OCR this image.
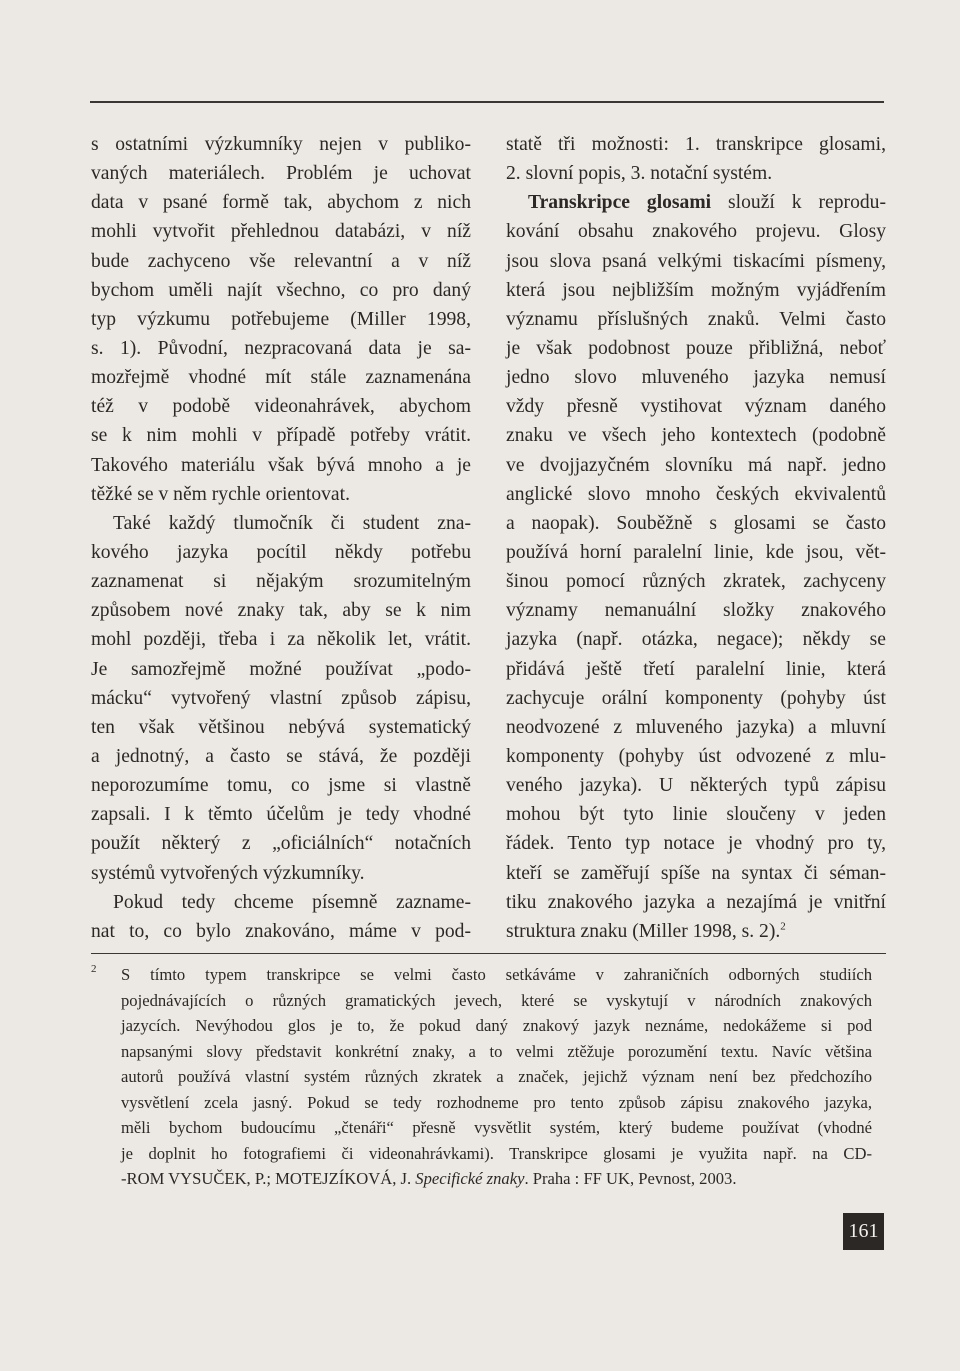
s ostatními výzkumníky nejen v publiko-
vaných materiálech. Problém je uchovat
data v psané formě tak, abychom z nich
mohli vytvořit přehlednou databázi, v níž
bude zachyceno vše relevantní a v níž
bychom uměli najít všechno, co pro daný
typ výzkumu potřebujeme (Miller 1998,
s. 1). Původní, nezpracovaná data je sa-
mozřejmě vhodné mít stále zaznamenána
též v podobě videonahrávek, abychom
se k nim mohli v případě potřeby vrátit.
Takového materiálu však bývá mnoho a je
těžké se v něm rychle orientovat.
Také každý tlumočník či student zna-
kového jazyka pocítil někdy potřebu
zaznamenat si nějakým srozumitelným
způsobem nové znaky tak, aby se k nim
mohl později, třeba i za několik let, vrátit.
Je samozřejmě možné používat „podo-
mácku“ vytvořený vlastní způsob zápisu,
ten však většinou nebývá systematický
a jednotný, a často se stává, že později
neporozumíme tomu, co jsme si vlastně
zapsali. I k těmto účelům je tedy vhodné
použít některý z „oficiálních“ notačních
systémů vytvořených výzkumníky.
Pokud tedy chceme písemně zazname-
nat to, co bylo znakováno, máme v pod-
statě tři možnosti: 1. transkripce glosami,
2. slovní popis, 3. notační systém.
Transkripce glosami slouží k reprodu-
kování obsahu znakového projevu. Glosy
jsou slova psaná velkými tiskacími písmeny,
která jsou nejbližším možným vyjádřením
významu příslušných znaků. Velmi často
je však podobnost pouze přibližná, neboť
jedno slovo mluveného jazyka nemusí
vždy přesně vystihovat význam daného
znaku ve všech jeho kontextech (podobně
ve dvojjazyčném slovníku má např. jedno
anglické slovo mnoho českých ekvivalentů
a naopak). Souběžně s glosami se často
používá horní paralelní linie, kde jsou, vět-
šinou pomocí různých zkratek, zachyceny
významy nemanuální složky znakového
jazyka (např. otázka, negace); někdy se
přidává ještě třetí paralelní linie, která
zachycuje orální komponenty (pohyby úst
neodvozené z mluveného jazyka) a mluvní
komponenty (pohyby úst odvozené z mlu-
veného jazyka). U některých typů zápisu
mohou být tyto linie sloučeny v jeden
řádek. Tento typ notace je vhodný pro ty,
kteří se zaměřují spíše na syntax či séman-
tiku znakového jazyka a nezajímá je vnitřní
struktura znaku (Miller 1998, s. 2).$^2$
2	S tímto typem transkripce se velmi často setkáváme v zahraničních odborných studiích
pojednávajících o různých gramatických jevech, které se vyskytují v národních znakových
jazycích. Nevýhodou glos je to, že pokud daný znakový jazyk neznáme, nedokážeme si pod
napsanými slovy představit konkrétní znaky, a to velmi ztěžuje porozumění textu. Navíc většina
autorů používá vlastní systém různých zkratek a značek, jejichž význam není bez předchozího
vysvětlení zcela jasný. Pokud se tedy rozhodneme pro tento způsob zápisu znakového jazyka,
měli bychom budoucímu „čtenáři“ přesně vysvětlit systém, který budeme používat (vhodné
je doplnit ho fotografiemi či videonahrávkami). Transkripce glosami je využita např. na CD-
-ROM VYSUČEK, P.; MOTEJZÍKOVÁ, J. Specifické znaky. Praha : FF UK, Pevnost, 2003.
161
